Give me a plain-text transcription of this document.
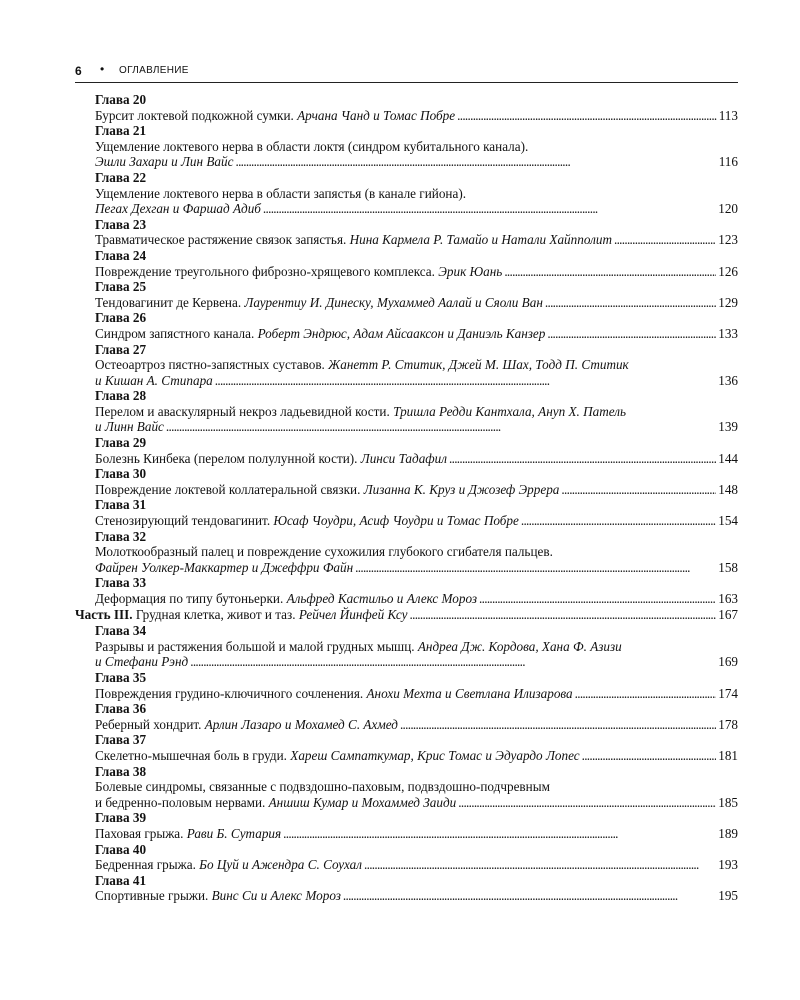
6 • ОГЛАВЛЕНИЕ
Глава 20
Бурсит локтевой подкожной сумки. Арчана Чанд и Томас Побре . . .	113
Глава 21
Ущемление локтевого нерва в области локтя (синдром кубитального канала).
Эшли Захари и Лин Вайс . . .	116
Глава 22
Ущемление локтевого нерва в области запястья (в канале гийона).
Пегах Дехган и Фаршад Адиб . . .	120
Глава 23
Травматическое растяжение связок запястья. Нина Кармела Р. Тамайо и Натали Хайпполит . . .	123
Глава 24
Повреждение треугольного фиброзно-хрящевого комплекса. Эрик Юань . . .	126
Глава 25
Тендовагинит де Кервена. Лаурентиу И. Динеску, Мухаммед Аалай и Сяоли Ван . . .	129
Глава 26
Синдром запястного канала. Роберт Эндрюс, Адам Айсааксон и Даниэль Канзер . . .	133
Глава 27
Остеоартроз пястно-запястных суставов. Жанетт Р. Ститик, Джей М. Шах, Тодд П. Ститик
и Кишан А. Стипара . . .	136
Глава 28
Перелом и аваскулярный некроз ладьевидной кости. Тришла Редди Кантхала, Ануп Х. Патель
и Линн Вайс . . .	139
Глава 29
Болезнь Кинбека (перелом полулунной кости). Линси Тадафил . . .	144
Глава 30
Повреждение локтевой коллатеральной связки. Лизанна К. Круз и Джозеф Эррера . . .	148
Глава 31
Стенозирующий тендовагинит. Юсаф Чоудри, Асиф Чоудри и Томас Побре . . .	154
Глава 32
Молоткообразный палец и повреждение сухожилия глубокого сгибателя пальцев.
Файрен Уолкер-Маккартер и Джеффри Файн . . .	158
Глава 33
Деформация по типу бутоньерки. Альфред Кастильо и Алекс Мороз . . .	163
Часть III. Грудная клетка, живот и таз. Рейчел Йинфей Ксу . . .	167
Глава 34
Разрывы и растяжения большой и малой грудных мышц. Андреа Дж. Кордова, Хана Ф. Азизи
и Стефани Рэнд . . .	169
Глава 35
Повреждения грудино-ключичного сочленения. Анохи Мехта и Светлана Илизарова . . .	174
Глава 36
Реберный хондрит. Арлин Лазаро и Мохамед С. Ахмед . . .	178
Глава 37
Скелетно-мышечная боль в груди. Хареш Сампаткумар, Крис Томас и Эдуардо Лопес . . .	181
Глава 38
Болевые синдромы, связанные с подвздошно-паховым, подвздошно-подчревным
и бедренно-половым нервами. Аншиш Кумар и Мохаммед Заиди . . .	185
Глава 39
Паховая грыжа. Рави Б. Сутария . . .	189
Глава 40
Бедренная грыжа. Бо Цуй и Ажендра С. Соухал . . .	193
Глава 41
Спортивные грыжи. Винс Си и Алекс Мороз . . .	195
